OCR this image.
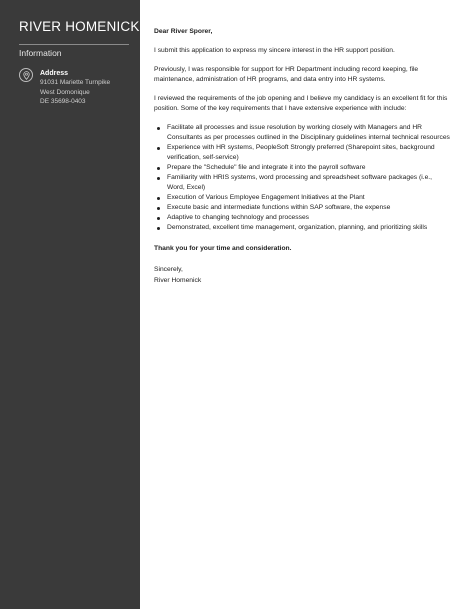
RIVER HOMENICK
Information
Address
91031 Mariette Turnpike
West Domonique
DE 35698-0403

Dear River Sporer,

I submit this application to express my sincere interest in the HR support position.

Previously, I was responsible for support for HR Department including record keeping, file maintenance, administration of HR programs, and data entry into HR systems.

I reviewed the requirements of the job opening and I believe my candidacy is an excellent fit for this position. Some of the key requirements that I have extensive experience with include:

Facilitate all processes and issue resolution by working closely with Managers and HR Consultants as per processes outlined in the Disciplinary guidelines internal technical resources
Experience with HR systems, PeopleSoft Strongly preferred (Sharepoint sites, background verification, self-service)
Prepare the "Schedule" file and integrate it into the payroll software
Familiarity with HRIS systems, word processing and spreadsheet software packages (i.e., Word, Excel)
Execution of Various Employee Engagement Initiatives at the Plant
Execute basic and intermediate functions within SAP software, the expense
Adaptive to changing technology and processes
Demonstrated, excellent time management, organization, planning, and prioritizing skills

Thank you for your time and consideration.

Sincerely,

River Homenick
